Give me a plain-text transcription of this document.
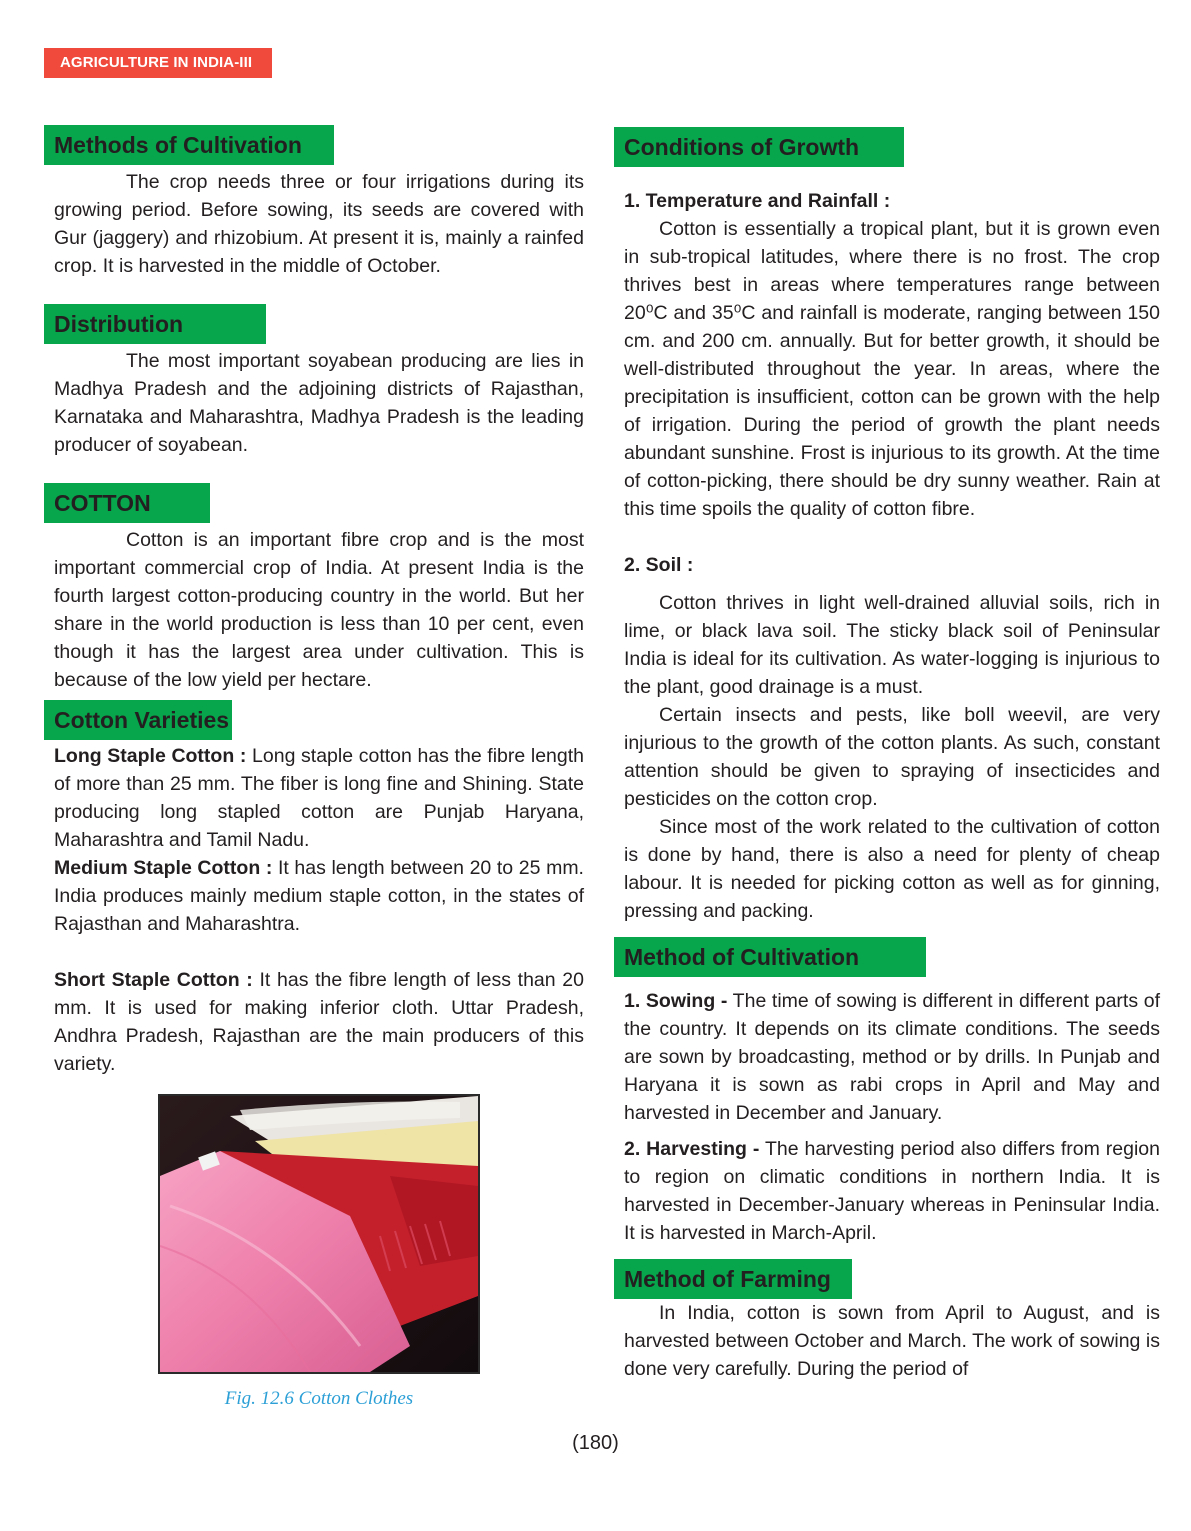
AGRICULTURE IN INDIA-III
Methods of Cultivation

The crop needs three or four irrigations during its growing period. Before sowing, its seeds are covered with Gur (jaggery) and rhizobium. At present it is, mainly a rainfed crop. It is harvested in the middle of October.

Distribution

The most important soyabean producing are lies in Madhya Pradesh and the adjoining districts of Rajasthan, Karnataka and Maharashtra, Madhya Pradesh is the leading producer of soyabean.

COTTON

Cotton is an important fibre crop and is the most important commercial crop of India. At present India is the fourth largest cotton-producing country in the world. But her share in the world production is less than 10 per cent, even though it has the largest area under cultivation. This is because of the low yield per hectare.

Cotton Varieties

Long Staple Cotton : Long staple cotton has the fibre length of more than 25 mm. The fiber is long fine and Shining. State producing long stapled cotton are Punjab Haryana, Maharashtra and Tamil Nadu.

Medium Staple Cotton : It has length between 20 to 25 mm. India produces mainly medium staple cotton, in the states of Rajasthan and Maharashtra.

Short Staple Cotton : It has the fibre length of less than 20 mm. It is used for making inferior cloth. Uttar Pradesh, Andhra Pradesh, Rajasthan are the main producers of this variety.

Fig. 12.6 Cotton Clothes
Conditions of Growth
1. Temperature and Rainfall :

Cotton is essentially a tropical plant, but it is grown even in sub-tropical latitudes, where there is no frost. The crop thrives best in areas where temperatures range between 20⁰C and 35⁰C and rainfall is moderate, ranging between 150 cm. and 200 cm. annually. But for better growth, it should be well-distributed throughout the year. In areas, where the precipitation is insufficient, cotton can be grown with the help of irrigation. During the period of growth the plant needs abundant sunshine. Frost is injurious to its growth. At the time of cotton-picking, there should be dry sunny weather. Rain at this time spoils the quality of cotton fibre.

2. Soil :

Cotton thrives in light well-drained alluvial soils, rich in lime, or black lava soil. The sticky black soil of Peninsular India is ideal for its cultivation. As water-logging is injurious to the plant, good drainage is a must.

Certain insects and pests, like boll weevil, are very injurious to the growth of the cotton plants. As such, constant attention should be given to spraying of insecticides and pesticides on the cotton crop.

Since most of the work related to the cultivation of cotton is done by hand, there is also a need for plenty of cheap labour. It is needed for picking cotton as well as for ginning, pressing and packing.

Method of Cultivation

1. Sowing - The time of sowing is different in different parts of the country. It depends on its climate conditions. The seeds are sown by broadcasting, method or by drills. In Punjab and Haryana it is sown as rabi crops in April and May and harvested in December and January.

2. Harvesting - The harvesting period also differs from region to region on climatic conditions in northern India. It is harvested in December-January whereas in Peninsular India. It is harvested in March-April.

Method of Farming

In India, cotton is sown from April to August, and is harvested between October and March. The work of sowing is done very carefully. During the period of

(180)
